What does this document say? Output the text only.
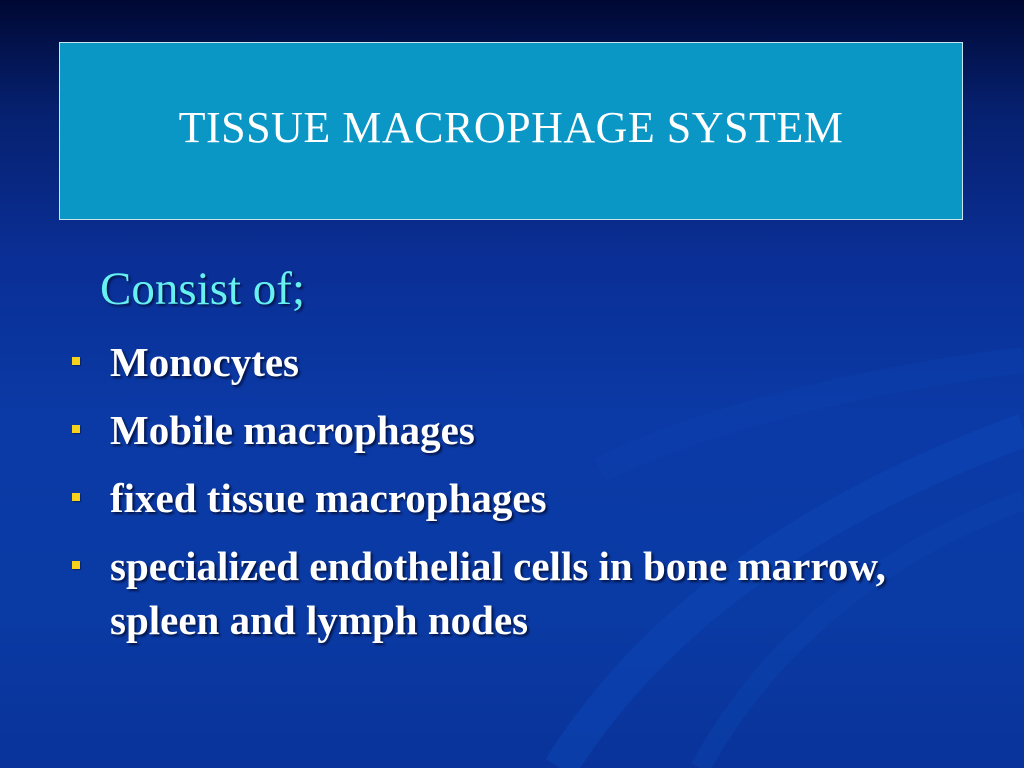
TISSUE MACROPHAGE SYSTEM
Consist of;
Monocytes
Mobile macrophages
fixed tissue macrophages
specialized endothelial cells in bone marrow, spleen and lymph nodes
